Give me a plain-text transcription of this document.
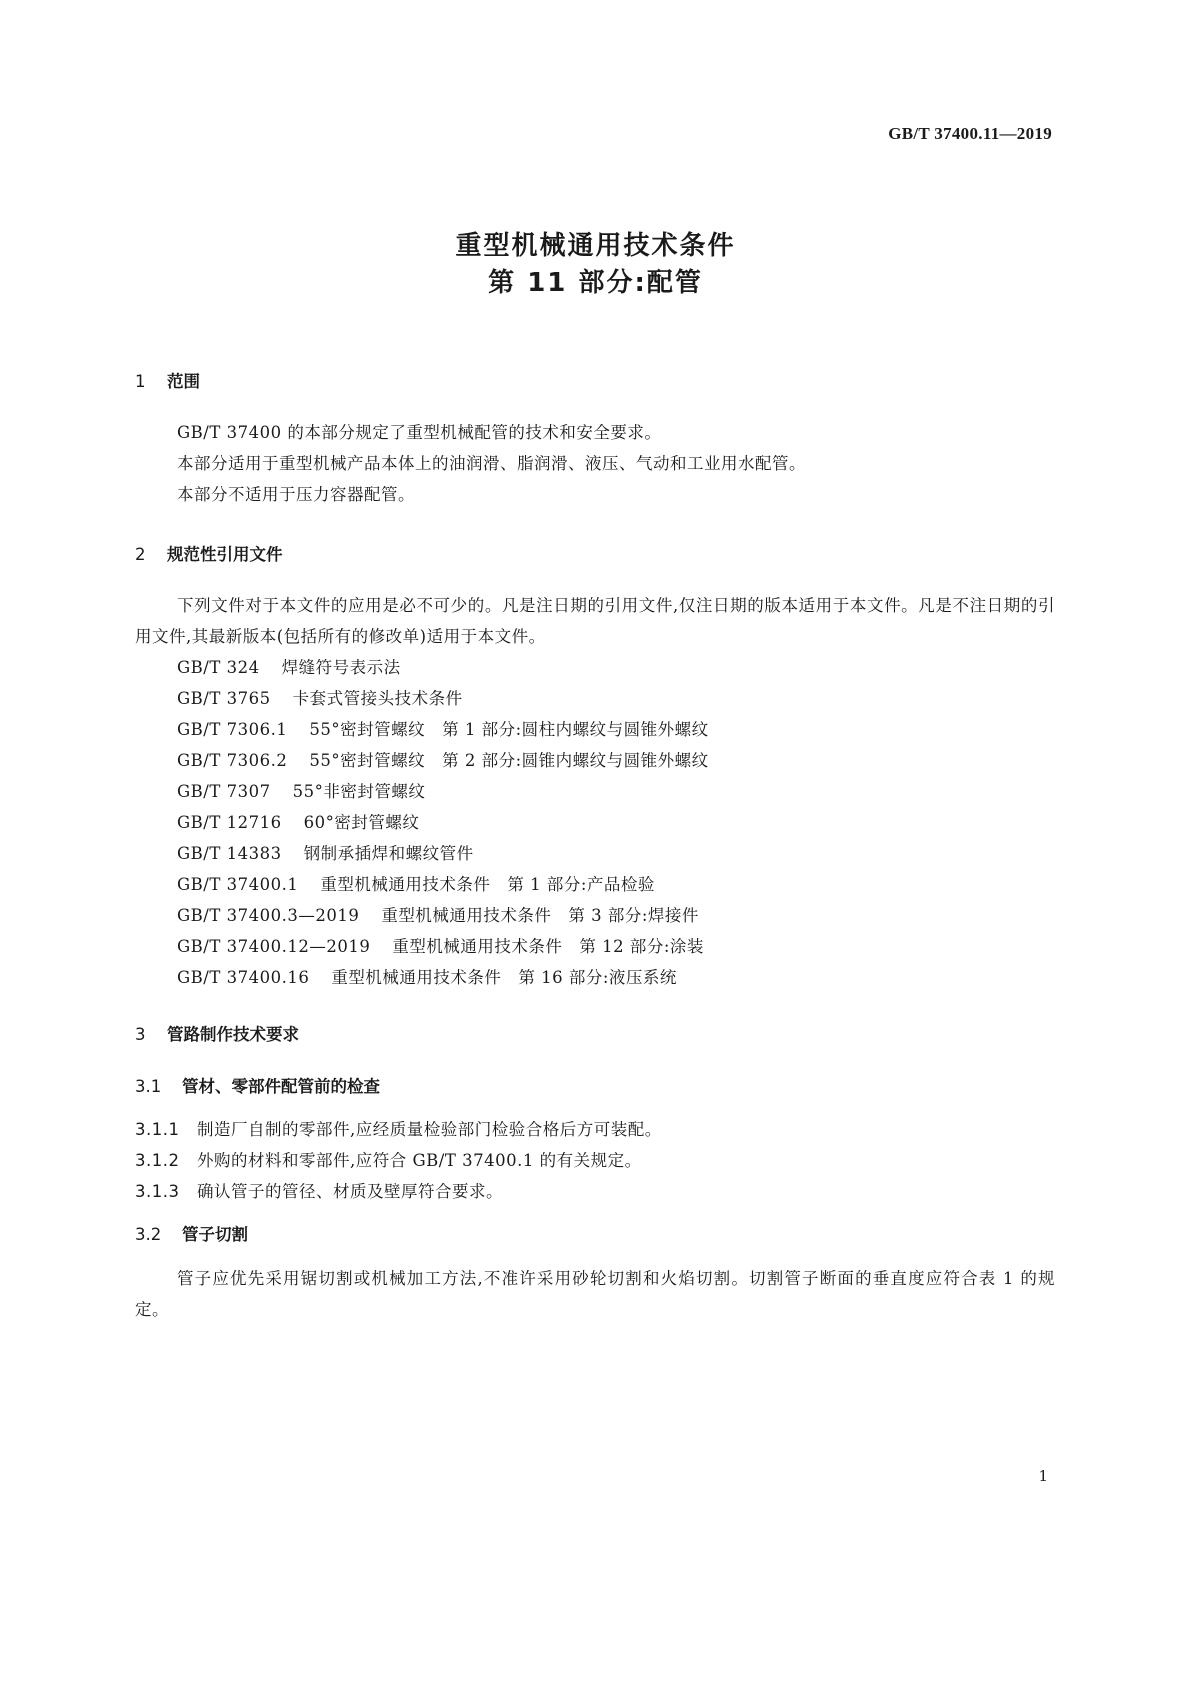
GB/T 37400.11—2019
重型机械通用技术条件
第 11 部分:配管
1	范围
GB/T 37400 的本部分规定了重型机械配管的技术和安全要求。
本部分适用于重型机械产品本体上的油润滑、脂润滑、液压、气动和工业用水配管。
本部分不适用于压力容器配管。
2	规范性引用文件
下列文件对于本文件的应用是必不可少的。凡是注日期的引用文件,仅注日期的版本适用于本文件。凡是不注日期的引用文件,其最新版本(包括所有的修改单)适用于本文件。
GB/T 324 焊缝符号表示法
GB/T 3765 卡套式管接头技术条件
GB/T 7306.1 55°密封管螺纹　第 1 部分:圆柱内螺纹与圆锥外螺纹
GB/T 7306.2 55°密封管螺纹　第 2 部分:圆锥内螺纹与圆锥外螺纹
GB/T 7307 55°非密封管螺纹
GB/T 12716 60°密封管螺纹
GB/T 14383 钢制承插焊和螺纹管件
GB/T 37400.1 重型机械通用技术条件　第 1 部分:产品检验
GB/T 37400.3—2019 重型机械通用技术条件　第 3 部分:焊接件
GB/T 37400.12—2019 重型机械通用技术条件　第 12 部分:涂装
GB/T 37400.16 重型机械通用技术条件　第 16 部分:液压系统
3	管路制作技术要求
3.1	管材、零部件配管前的检查
3.1.1	制造厂自制的零部件,应经质量检验部门检验合格后方可装配。
3.1.2	外购的材料和零部件,应符合 GB/T 37400.1 的有关规定。
3.1.3	确认管子的管径、材质及壁厚符合要求。
3.2	管子切割
管子应优先采用锯切割或机械加工方法,不准许采用砂轮切割和火焰切割。切割管子断面的垂直度应符合表 1 的规定。
1
